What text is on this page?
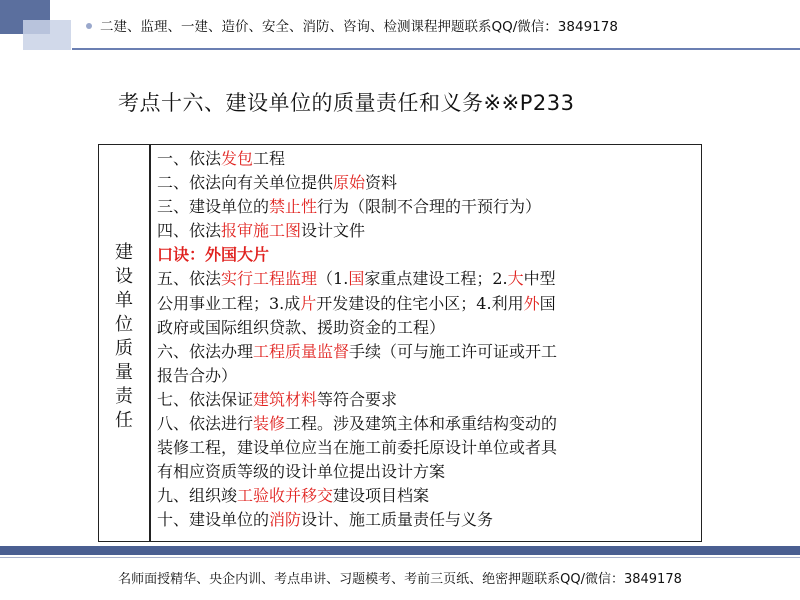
二建、监理、一建、造价、安全、消防、咨询、检测课程押题联系QQ/微信：3849178
考点十六、建设单位的质量责任和义务※※P233
建
设
单
位
质
量
责
任
一、依法发包工程
二、依法向有关单位提供原始资料
三、建设单位的禁止性行为（限制不合理的干预行为）
四、依法报审施工图设计文件
口诀：外国大片
五、依法实行工程监理（1.国家重点建设工程；2.大中型
公用事业工程；3.成片开发建设的住宅小区；4.利用外国
政府或国际组织贷款、援助资金的工程）
六、依法办理工程质量监督手续（可与施工许可证或开工
报告合办）
七、依法保证建筑材料等符合要求
八、依法进行装修工程。涉及建筑主体和承重结构变动的
装修工程，建设单位应当在施工前委托原设计单位或者具
有相应资质等级的设计单位提出设计方案
九、组织竣工验收并移交建设项目档案
十、建设单位的消防设计、施工质量责任与义务
名师面授精华、央企内训、考点串讲、习题模考、考前三页纸、绝密押题联系QQ/微信：3849178
